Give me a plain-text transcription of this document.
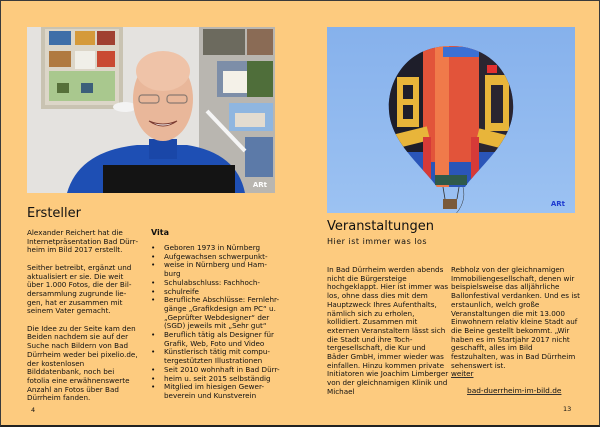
ARt
Ersteller

Alexander Reichert hat die Internetpräsentation Bad Dürrheim im Bild 2017 erstellt.

Seither betreibt, ergänzt und aktualisiert er sie. Die weit über 1.000 Fotos, die der Bildersammlung zugrunde liegen, hat er zusammen mit seinem Vater gemacht.

Die Idee zu der Seite kam den Beiden nachdem sie auf der Suche nach Bildern von Bad Dürrheim weder bei pixelio.de, der kostenlosen Bilddatenbank, noch bei fotolia eine erwähnenswerte Anzahl an Fotos über Bad Dürrheim fanden.

Vita
• Geboren 1973 in Nürnberg
• Aufgewachsen schwerpunkt-
• weise in Nürnberg und Ham-burg
• Schulabschluss: Fachhoch-
• schulreife
• Berufliche Abschlüsse: Fernlehr-gänge „Grafikdesign am PC“ u. „Geprüfter Webdesigner“ der (SGD) jeweils mit „Sehr gut“
• Beruflich tätig als Designer für Grafik, Web, Foto und Video
• Künstlerisch tätig mit compu-tergestützten Illustrationen
• Seit 2010 wohnhaft in Bad Dürr-
• heim u. seit 2015 selbständig
• Mitglied im hiesigen Gewer-beverein und Kunstverein
4
ARt
Veranstaltungen
Hier ist immer was los

In Bad Dürrheim werden abends nicht die Bürgersteige hochgeklappt. Hier ist immer was los, ohne dass dies mit dem Hauptzweck Ihres Aufenthalts, nämlich sich zu erholen, kollidiert. Zusammen mit externen Veranstaltern lässt sich die Stadt und ihre Tochtergesellschaft, die Kur und Bäder GmbH, immer wieder was einfallen. Hinzu kommen private Initiatoren wie Joachim Limberger von der gleichnamigen Klinik und Michael

Rebholz von der gleichnamigen Immobiliengesellschaft, denen wir beispielsweise das alljährliche Ballonfestival verdanken. Und es ist erstaunlich, welch große Veranstaltungen die mit 13.000 Einwohnern relativ kleine Stadt auf die Beine gestellt bekommt. „Wir haben es im Startjahr 2017 nicht geschafft, alles im Bild festzuhalten, was in Bad Dürrheim sehenswert ist.

weiter
bad-duerrheim-im-bild.de
13
